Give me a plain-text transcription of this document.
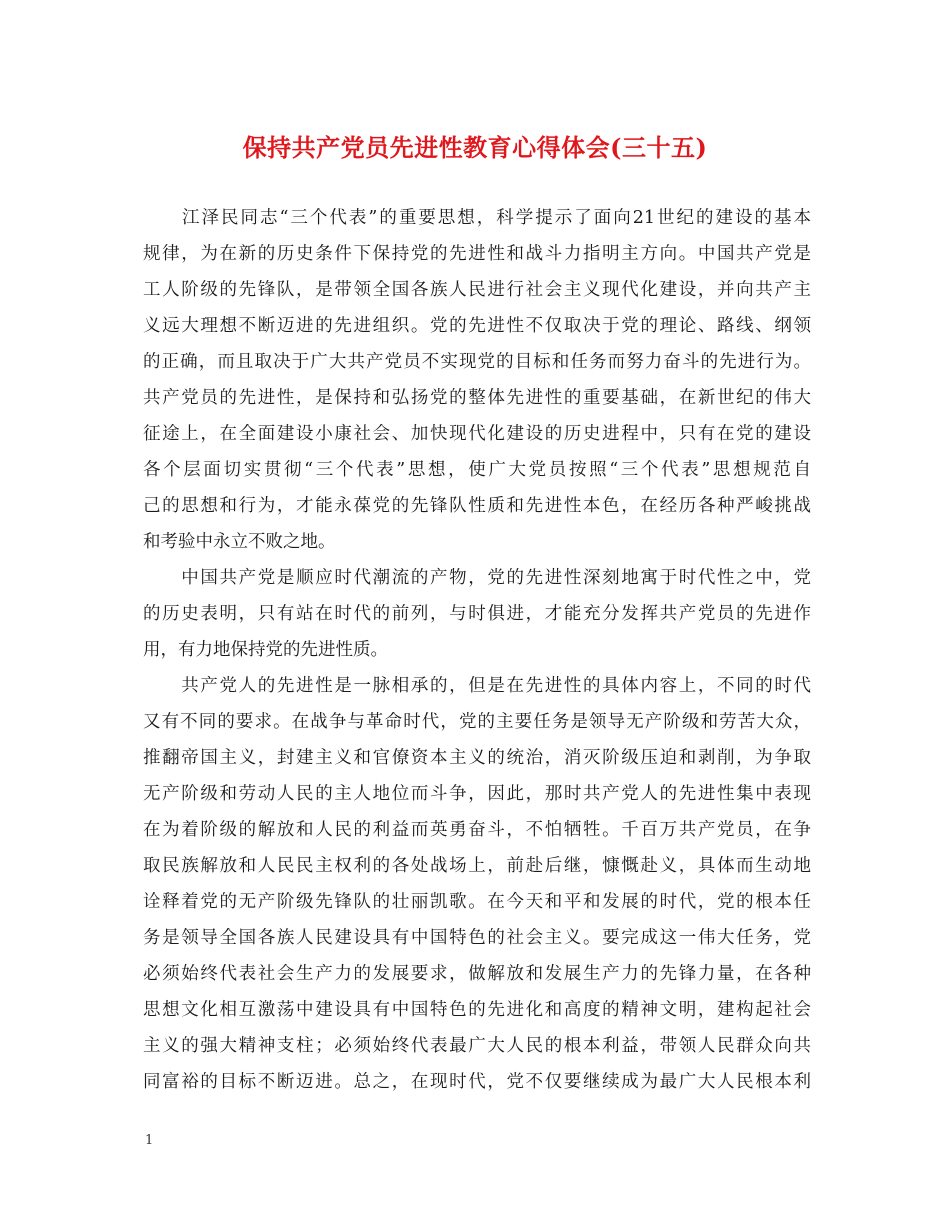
保持共产党员先进性教育心得体会(三十五)
　　江泽民同志“三个代表”的重要思想，科学提示了面向21世纪的建设的基本
规律，为在新的历史条件下保持党的先进性和战斗力指明主方向。中国共产党是
工人阶级的先锋队，是带领全国各族人民进行社会主义现代化建设，并向共产主
义远大理想不断迈进的先进组织。党的先进性不仅取决于党的理论、路线、纲领
的正确，而且取决于广大共产党员不实现党的目标和任务而努力奋斗的先进行为。
共产党员的先进性，是保持和弘扬党的整体先进性的重要基础，在新世纪的伟大
征途上，在全面建设小康社会、加快现代化建设的历史进程中，只有在党的建设
各个层面切实贯彻“三个代表”思想，使广大党员按照“三个代表”思想规范自
己的思想和行为，才能永葆党的先锋队性质和先进性本色，在经历各种严峻挑战
和考验中永立不败之地。
　　中国共产党是顺应时代潮流的产物，党的先进性深刻地寓于时代性之中，党
的历史表明，只有站在时代的前列，与时俱进，才能充分发挥共产党员的先进作
用，有力地保持党的先进性质。
　　共产党人的先进性是一脉相承的，但是在先进性的具体内容上，不同的时代
又有不同的要求。在战争与革命时代，党的主要任务是领导无产阶级和劳苦大众，
推翻帝国主义，封建主义和官僚资本主义的统治，消灭阶级压迫和剥削，为争取
无产阶级和劳动人民的主人地位而斗争，因此，那时共产党人的先进性集中表现
在为着阶级的解放和人民的利益而英勇奋斗，不怕牺牲。千百万共产党员，在争
取民族解放和人民民主权利的各处战场上，前赴后继，慷慨赴义，具体而生动地
诠释着党的无产阶级先锋队的壮丽凯歌。在今天和平和发展的时代，党的根本任
务是领导全国各族人民建设具有中国特色的社会主义。要完成这一伟大任务，党
必须始终代表社会生产力的发展要求，做解放和发展生产力的先锋力量，在各种
思想文化相互激荡中建设具有中国特色的先进化和高度的精神文明，建构起社会
主义的强大精神支柱；必须始终代表最广大人民的根本利益，带领人民群众向共
同富裕的目标不断迈进。总之，在现时代，党不仅要继续成为最广大人民根本利
1
